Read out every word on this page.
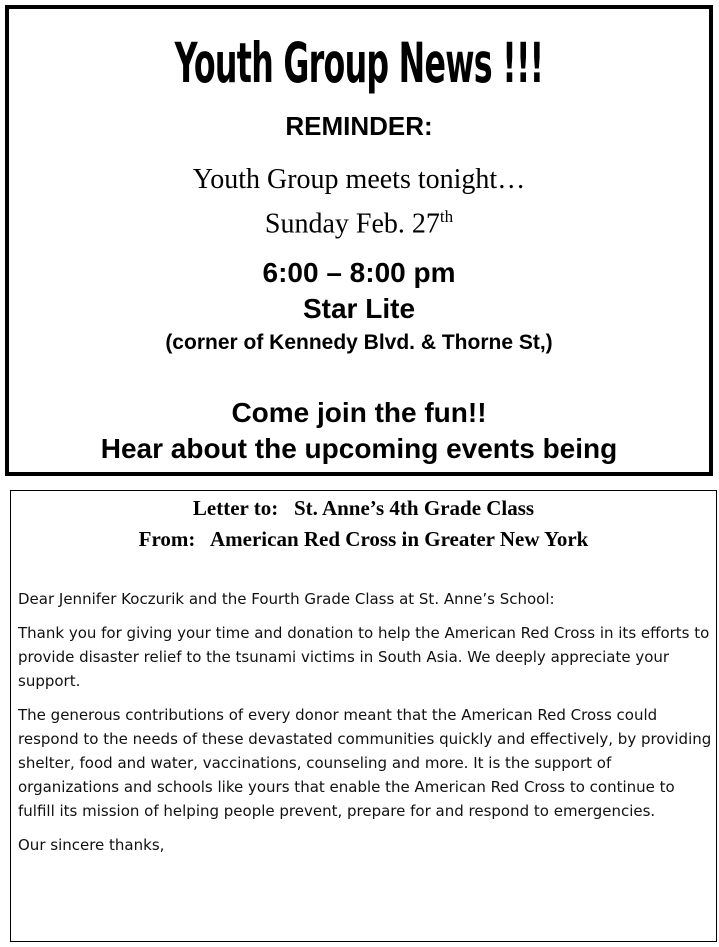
Youth Group News !!!
REMINDER:
Youth Group meets tonight…
Sunday Feb. 27th
6:00 – 8:00 pm
Star Lite
(corner of Kennedy Blvd. & Thorne St,)
Come join the fun!!
Hear about the upcoming events being
Letter to:   St. Anne’s 4th Grade Class
From:   American Red Cross in Greater New York

Dear Jennifer Koczurik and the Fourth Grade Class at St. Anne’s School:

Thank you for giving your time and donation to help the American Red Cross in its efforts to provide disaster relief to the tsunami victims in South Asia. We deeply appreciate your support.

The generous contributions of every donor meant that the American Red Cross could respond to the needs of these devastated communities quickly and effectively, by providing shelter, food and water, vaccinations, counseling and more. It is the support of organizations and schools like yours that enable the American Red Cross to continue to fulfill its mission of helping people prevent, prepare for and respond to emergencies.

Our sincere thanks,
